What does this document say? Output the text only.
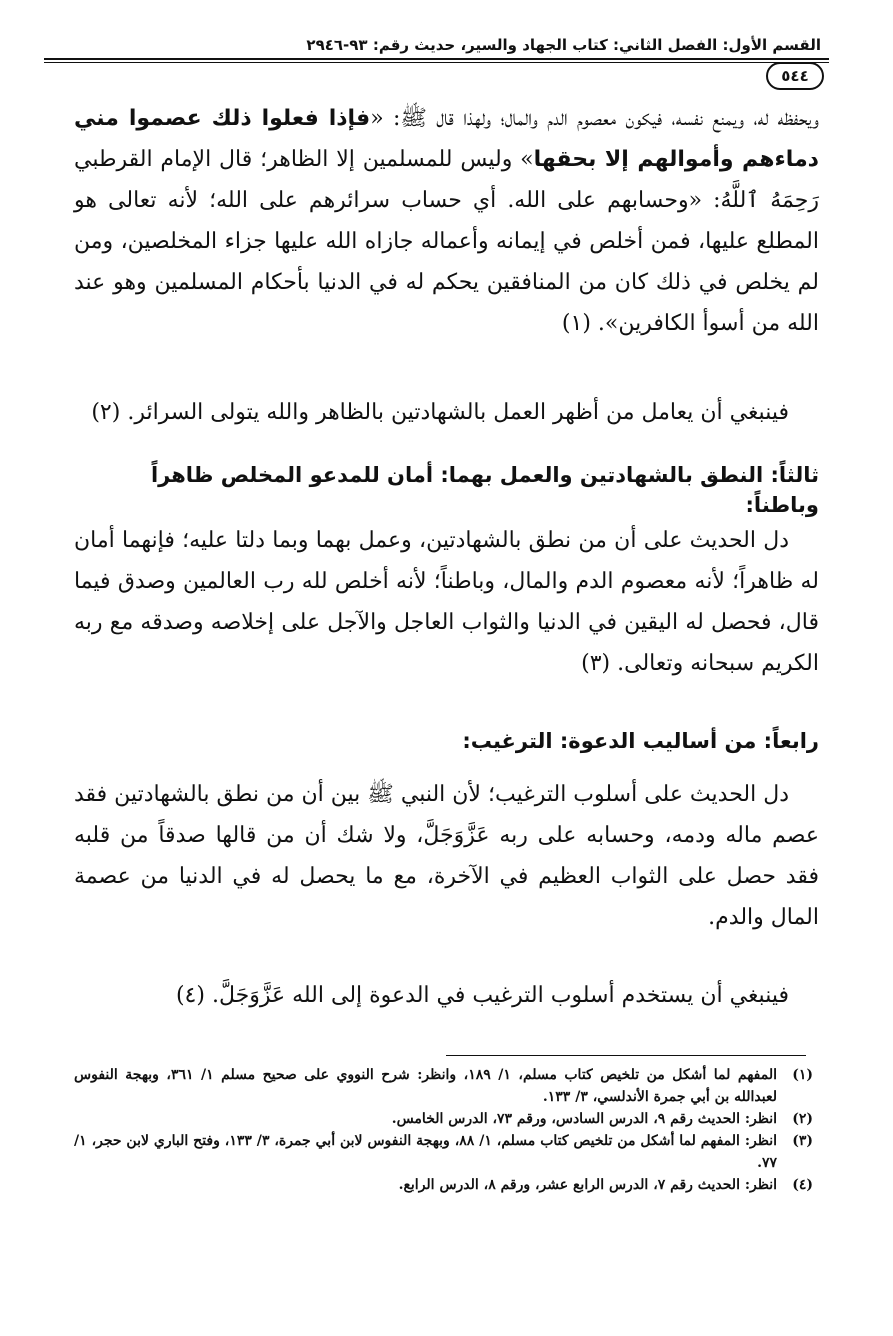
القسم الأول: الفصل الثاني: كتاب الجهاد والسير، حديث رقم: ٩٣-٢٩٤٦
٥٤٤
ويحفظه له، ويمنع نفسه، فيكون معصوم الدم والمال؛ ولهذا قال ﷺ: «فإذا فعلوا ذلك عصموا مني دماءهم وأموالهم إلا بحقها» وليس للمسلمين إلا الظاهر؛ قال الإمام القرطبي رَحِمَهُ ٱللَّهُ: «وحسابهم على الله. أي حساب سرائرهم على الله؛ لأنه تعالى هو المطلع عليها، فمن أخلص في إيمانه وأعماله جازاه الله عليها جزاء المخلصين، ومن لم يخلص في ذلك كان من المنافقين يحكم له في الدنيا بأحكام المسلمين وهو عند الله من أسوأ الكافرين». (١)
فينبغي أن يعامل من أظهر العمل بالشهادتين بالظاهر والله يتولى السرائر. (٢)
ثالثاً: النطق بالشهادتين والعمل بهما: أمان للمدعو المخلص ظاهراً وباطناً:
دل الحديث على أن من نطق بالشهادتين، وعمل بهما وبما دلتا عليه؛ فإنهما أمان له ظاهراً؛ لأنه معصوم الدم والمال، وباطناً؛ لأنه أخلص لله رب العالمين وصدق فيما قال، فحصل له اليقين في الدنيا والثواب العاجل والآجل على إخلاصه وصدقه مع ربه الكريم سبحانه وتعالى. (٣)
رابعاً: من أساليب الدعوة: الترغيب:
دل الحديث على أسلوب الترغيب؛ لأن النبي ﷺ بين أن من نطق بالشهادتين فقد عصم ماله ودمه، وحسابه على ربه عَزَّوَجَلَّ، ولا شك أن من قالها صدقاً من قلبه فقد حصل على الثواب العظيم في الآخرة، مع ما يحصل له في الدنيا من عصمة المال والدم.
فينبغي أن يستخدم أسلوب الترغيب في الدعوة إلى الله عَزَّوَجَلَّ. (٤)
(١)
المفهم لما أشكل من تلخيص كتاب مسلم، ١/ ١٨٩، وانظر: شرح النووي على صحيح مسلم ١/ ٣٦١، وبهجة النفوس لعبدالله بن أبي جمرة الأندلسي، ٣/ ١٣٣.
(٢)
انظر: الحديث رقم ٩، الدرس السادس، ورقم ٧٣، الدرس الخامس.
(٣)
انظر: المفهم لما أشكل من تلخيص كتاب مسلم، ١/ ٨٨، وبهجة النفوس لابن أبي جمرة، ٣/ ١٣٣، وفتح الباري لابن حجر، ١/ ٧٧.
(٤)
انظر: الحديث رقم ٧، الدرس الرابع عشر، ورقم ٨، الدرس الرابع.
